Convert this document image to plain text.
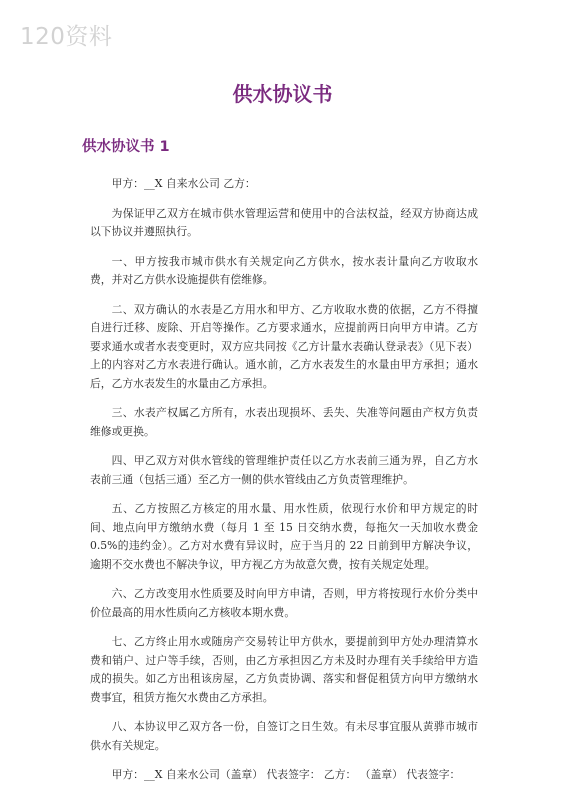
120资料
供水协议书
供水协议书 1

甲方：__X 自来水公司 乙方：

为保证甲乙双方在城市供水管理运营和使用中的合法权益，经双方协商达成以下协议并遵照执行。

一、甲方按我市城市供水有关规定向乙方供水，按水表计量向乙方收取水费，并对乙方供水设施提供有偿维修。

二、双方确认的水表是乙方用水和甲方、乙方收取水费的依据，乙方不得擅自进行迁移、废除、开启等操作。乙方要求通水，应提前两日向甲方申请。乙方要求通水或者水表变更时，双方应共同按《乙方计量水表确认登录表》（见下表）上的内容对乙方水表进行确认。通水前，乙方水表发生的水量由甲方承担；通水后，乙方水表发生的水量由乙方承担。

三、水表产权属乙方所有，水表出现损坏、丢失、失准等问题由产权方负责维修或更换。

四、甲乙双方对供水管线的管理维护责任以乙方水表前三通为界，自乙方水表前三通（包括三通）至乙方一侧的供水管线由乙方负责管理维护。

五、乙方按照乙方核定的用水量、用水性质，依现行水价和甲方规定的时间、地点向甲方缴纳水费（每月 1 至 15 日交纳水费，每拖欠一天加收水费金 0.5%的违约金）。乙方对水费有异议时，应于当月的 22 日前到甲方解决争议，逾期不交水费也不解决争议，甲方视乙方为故意欠费，按有关规定处理。

六、乙方改变用水性质要及时向甲方申请，否则，甲方将按现行水价分类中价位最高的用水性质向乙方核收本期水费。

七、乙方终止用水或随房产交易转让甲方供水，要提前到甲方处办理清算水费和销户、过户等手续，否则，由乙方承担因乙方未及时办理有关手续给甲方造成的损失。如乙方出租该房屋，乙方负责协调、落实和督促租赁方向甲方缴纳水费事宜，租赁方拖欠水费由乙方承担。

八、本协议甲乙双方各一份，自签订之日生效。有未尽事宜服从黄骅市城市供水有关规定。

甲方：__X 自来水公司（盖章） 代表签字： 乙方： （盖章） 代表签字：
